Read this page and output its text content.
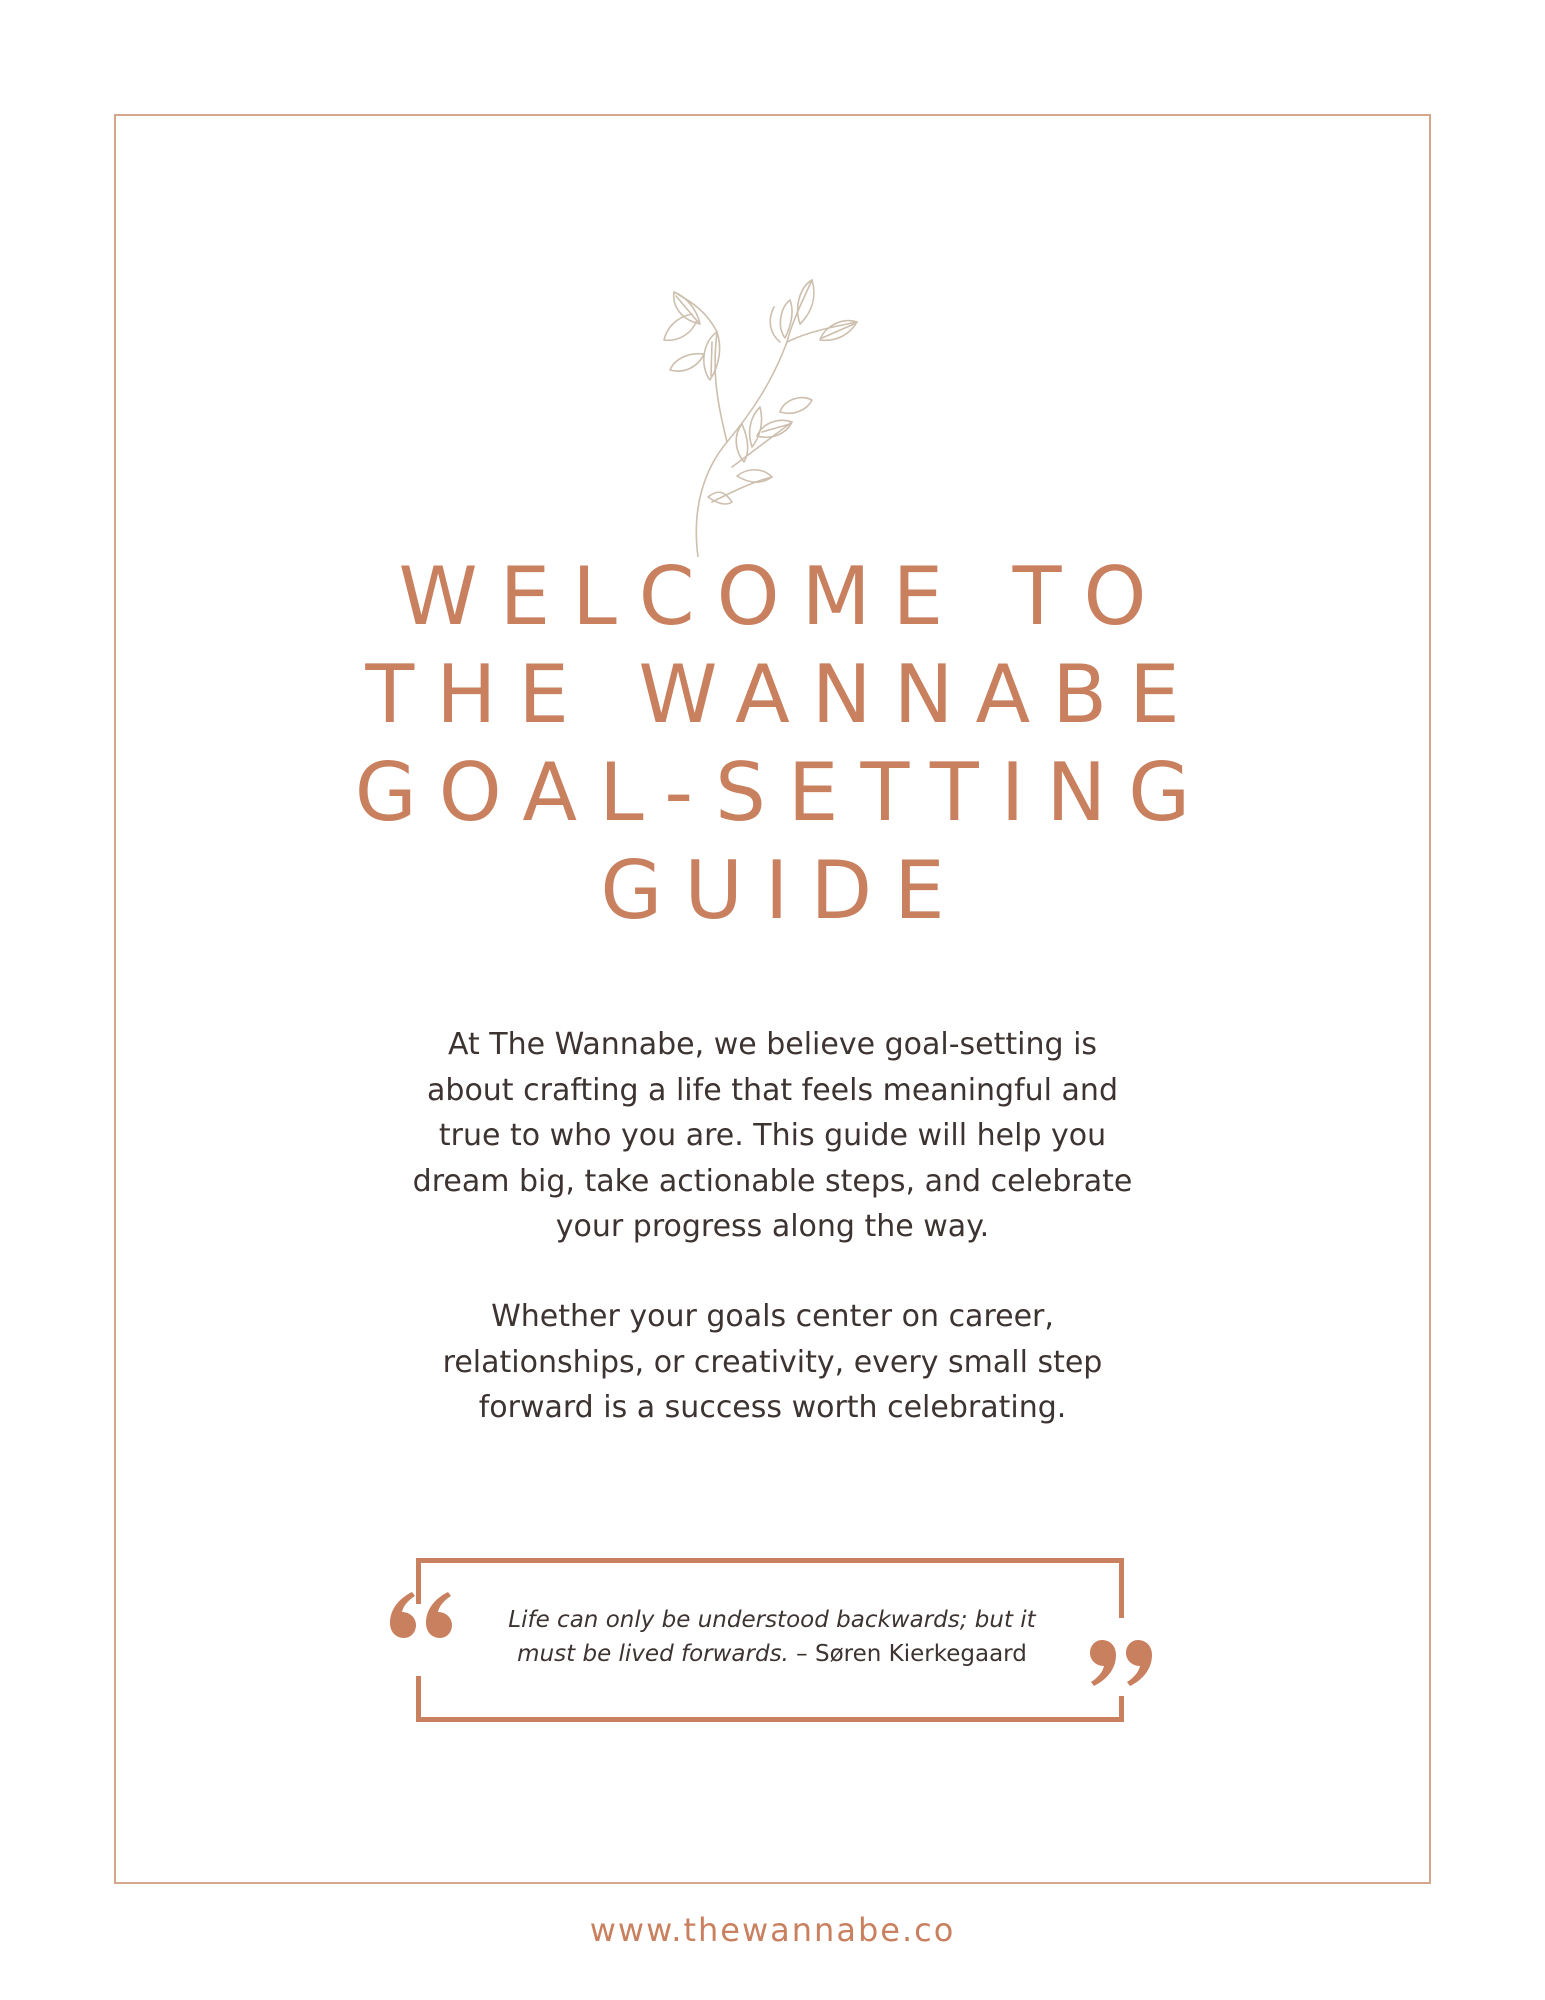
WELCOME TO
THE WANNABE
GOAL-SETTING
GUIDE

At The Wannabe, we believe goal-setting is
about crafting a life that feels meaningful and
true to who you are. This guide will help you
dream big, take actionable steps, and celebrate
your progress along the way.

Whether your goals center on career,
relationships, or creativity, every small step
forward is a success worth celebrating.

Life can only be understood backwards; but it
must be lived forwards. – Søren Kierkegaard

www.thewannabe.co
